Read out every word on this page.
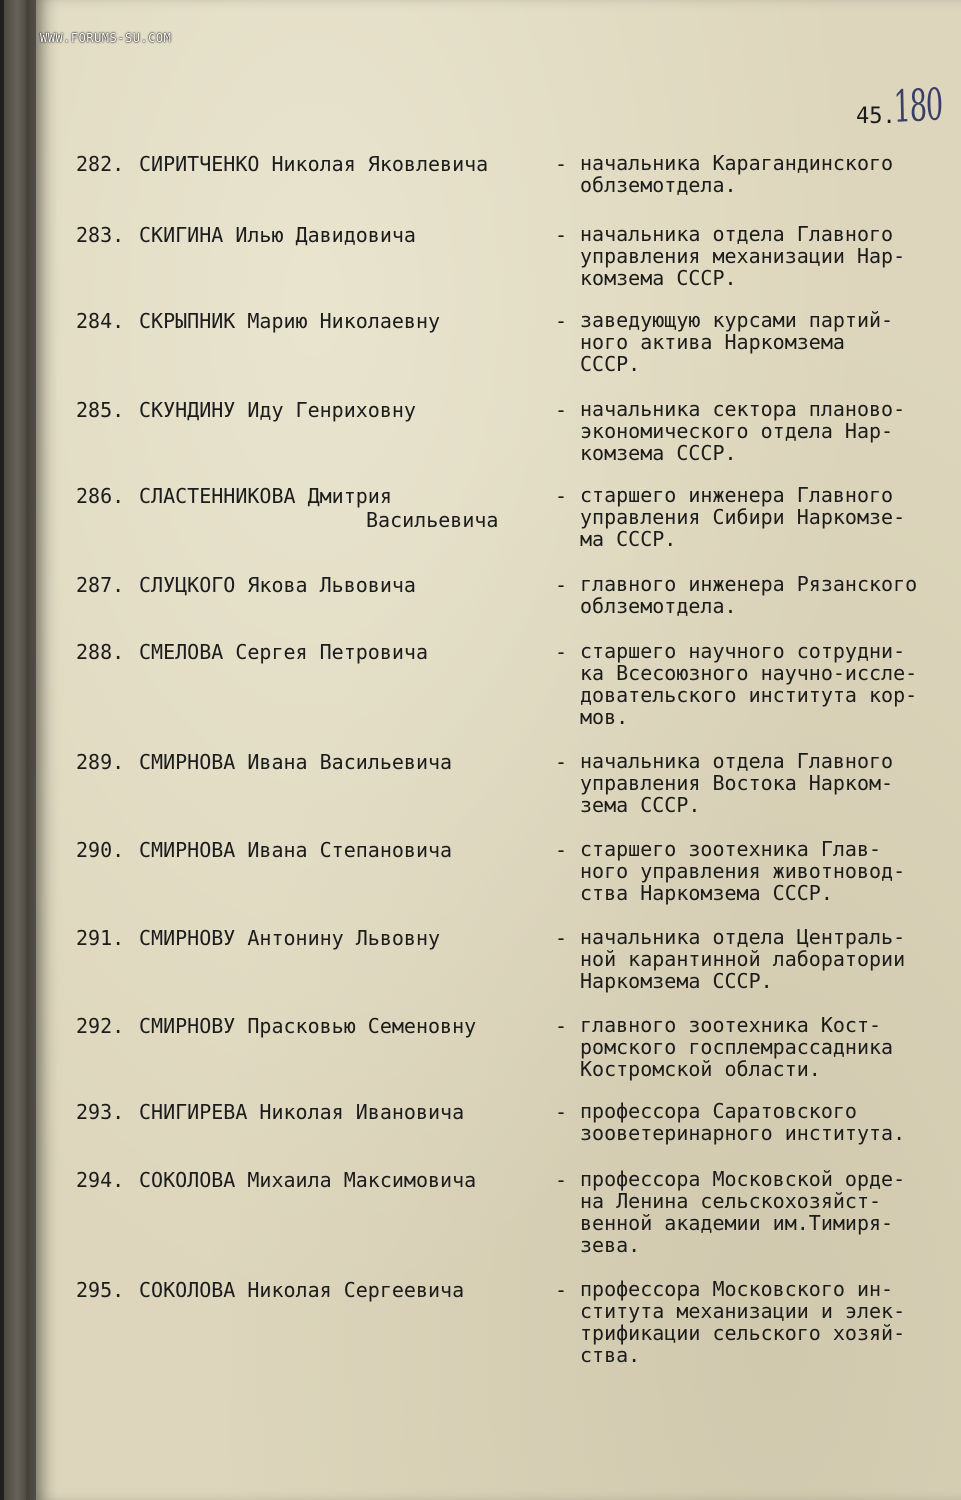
WWW.FORUMS-SU.COM
45.
180
282. СИРИТЧЕНКО Николая Яковлевича	- начальника Карагандинского
облземотдела.
283. СКИГИНА Илью Давидовича	- начальника отдела Главного
управления механизации Нар-
комзема СССР.
284. СКРЫПНИК Марию Николаевну	- заведующую курсами партий-
ного актива Наркомзема
СССР.
285. СКУНДИНУ Иду Генриховну	- начальника сектора планово-
экономического отдела Нар-
комзема СССР.
286. СЛАСТЕННИКОВА Дмитрия
Васильевича
- старшего инженера Главного
управления Сибири Наркомзе-
ма СССР.
287. СЛУЦКОГО Якова Львовича	- главного инженера Рязанского
облземотдела.
288. СМЕЛОВА Сергея Петровича	- старшего научного сотрудни-
ка Всесоюзного научно-иссле-
довательского института кор-
мов.
289. СМИРНОВА Ивана Васильевича	- начальника отдела Главного
управления Востока Нарком-
зема СССР.
290. СМИРНОВА Ивана Степановича	- старшего зоотехника Глав-
ного управления животновод-
ства Наркомзема СССР.
291. СМИРНОВУ Антонину Львовну	- начальника отдела Централь-
ной карантинной лаборатории
Наркомзема СССР.
292. СМИРНОВУ Прасковью Семеновну	- главного зоотехника Кост-
ромского госплемрассадника
Костромской области.
293. СНИГИРЕВА Николая Ивановича	- профессора Саратовского
зооветеринарного института.
294. СОКОЛОВА Михаила Максимовича	- профессора Московской орде-
на Ленина сельскохозяйст-
венной академии им.Тимиря-
зева.
295. СОКОЛОВА Николая Сергеевича	- профессора Московского ин-
ститута механизации и элек-
трификации сельского хозяй-
ства.
